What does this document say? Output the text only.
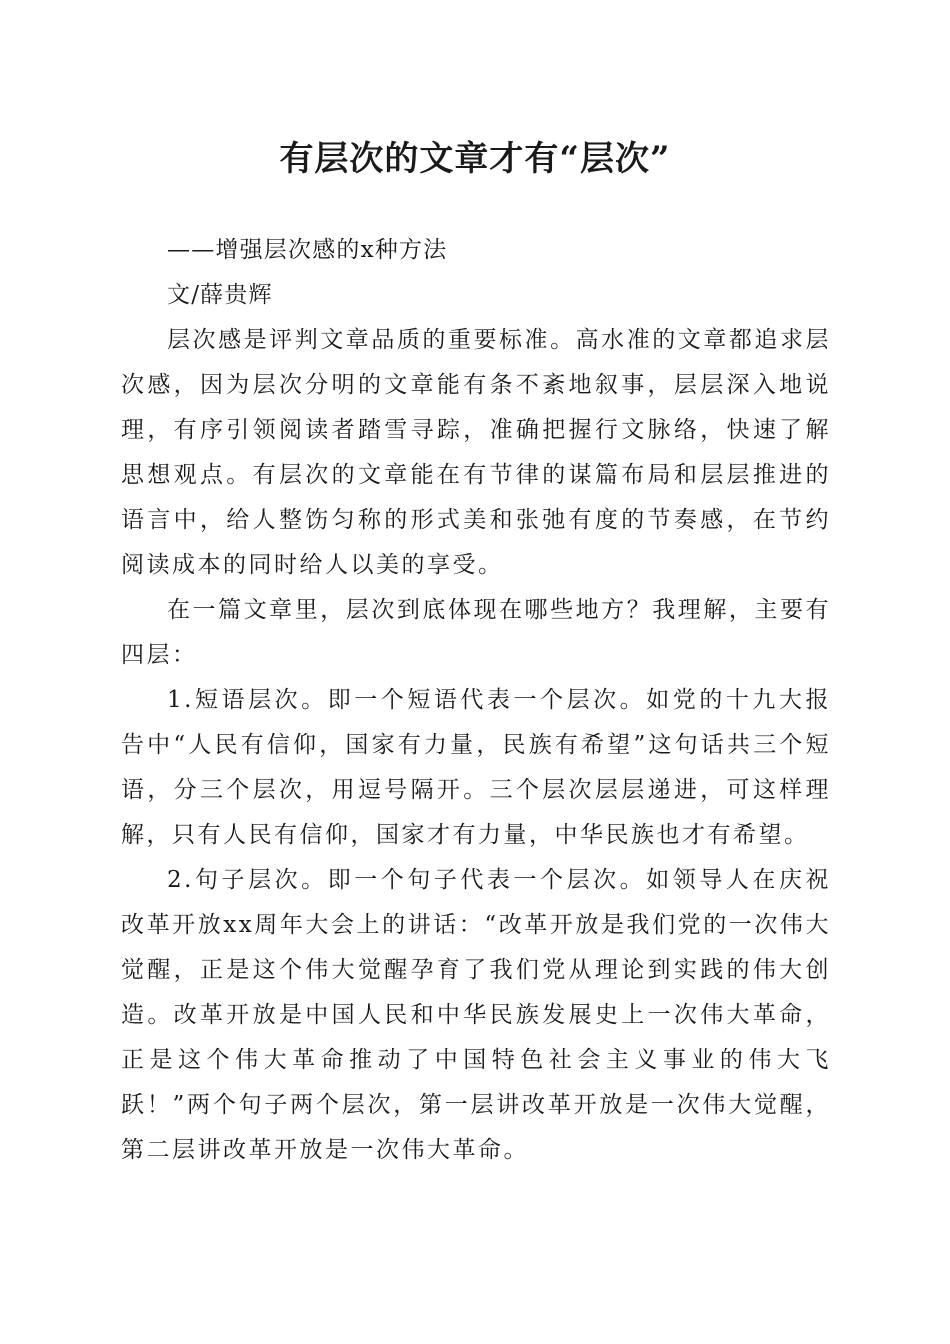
有层次的文章才有“层次”

——增强层次感的x种方法

文/薛贵辉

层次感是评判文章品质的重要标准。高水准的文章都追求层次感，因为层次分明的文章能有条不紊地叙事，层层深入地说理，有序引领阅读者踏雪寻踪，准确把握行文脉络，快速了解思想观点。有层次的文章能在有节律的谋篇布局和层层推进的语言中，给人整饬匀称的形式美和张弛有度的节奏感，在节约阅读成本的同时给人以美的享受。

在一篇文章里，层次到底体现在哪些地方？我理解，主要有四层：

1.短语层次。即一个短语代表一个层次。如党的十九大报告中“人民有信仰，国家有力量，民族有希望”这句话共三个短语，分三个层次，用逗号隔开。三个层次层层递进，可这样理解，只有人民有信仰，国家才有力量，中华民族也才有希望。

2.句子层次。即一个句子代表一个层次。如领导人在庆祝改革开放xx周年大会上的讲话：“改革开放是我们党的一次伟大觉醒，正是这个伟大觉醒孕育了我们党从理论到实践的伟大创造。改革开放是中国人民和中华民族发展史上一次伟大革命，正是这个伟大革命推动了中国特色社会主义事业的伟大飞跃！”两个句子两个层次，第一层讲改革开放是一次伟大觉醒，第二层讲改革开放是一次伟大革命。
